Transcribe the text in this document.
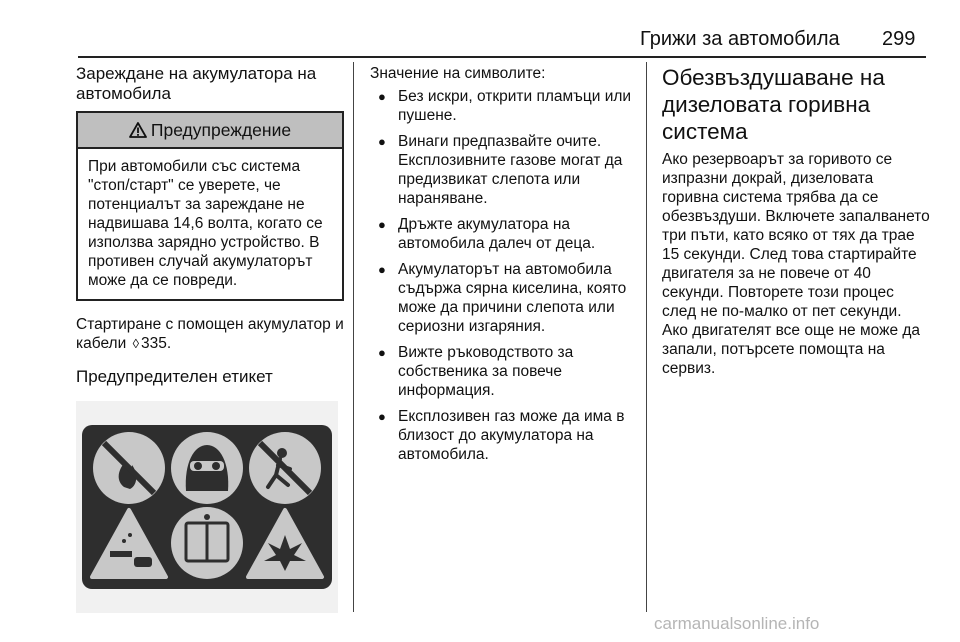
Грижи за автомобила 299
Зареждане на акумулатора на автомобила
Предупреждение
При автомобили със система "стоп/старт" се уверете, че потенциалът за зареждане не надвишава 14,6 волта, когато се използва зарядно устройство. В противен случай акумулаторът може да се повреди.

Стартиране с помощен акумулатор и кабели ◊ 335.

Предупредителен етикет

Значение на символите:

● Без искри, открити пламъци или пушене.
● Винаги предпазвайте очите. Експлозивните газове могат да предизвикат слепота или нараняване.
● Дръжте акумулатора на автомобила далеч от деца.
● Акумулаторът на автомобила съдържа сярна киселина, която може да причини слепота или сериозни изгаряния.
● Вижте ръководството за собственика за повече информация.
● Експлозивен газ може да има в близост до акумулатора на автомобила.
Обезвъздушаване на дизеловата горивна система

Ако резервоарът за горивото се изпразни докрай, дизеловата горивна система трябва да се обезвъздуши. Включете запалването три пъти, като всяко от тях да трае 15 секунди. След това стартирайте двигателя за не повече от 40 секунди. Повторете този процес след не по-малко от пет секунди. Ако двигателят все още не може да запали, потърсете помощта на сервиз.

carmanualsonline.info
